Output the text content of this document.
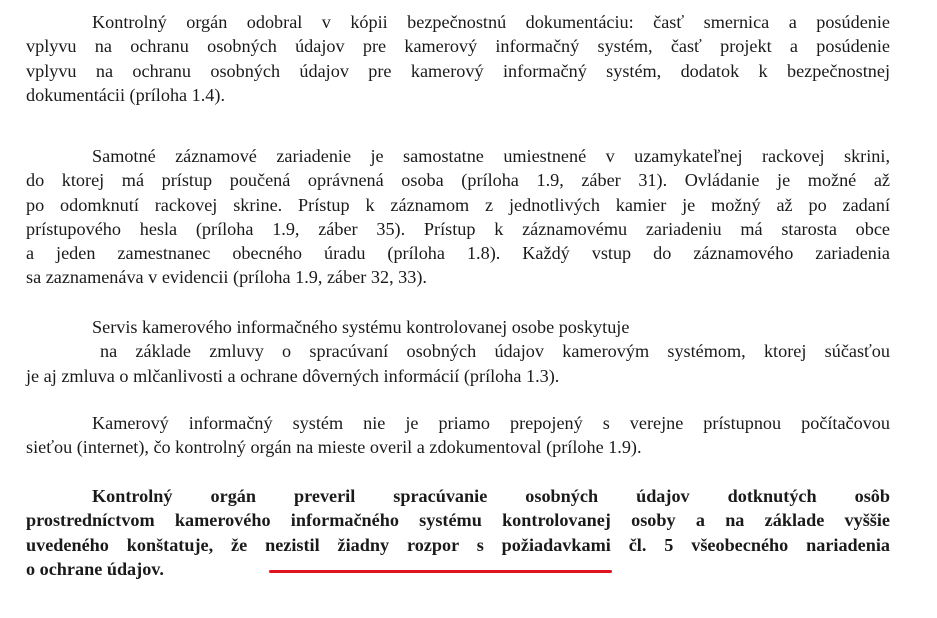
Kontrolný orgán odobral v kópii bezpečnostnú dokumentáciu: časť smernica a posúdenie
vplyvu na ochranu osobných údajov pre kamerový informačný systém, časť projekt a posúdenie
vplyvu na ochranu osobných údajov pre kamerový informačný systém, dodatok k bezpečnostnej
dokumentácii (príloha 1.4).

Samotné záznamové zariadenie je samostatne umiestnené v uzamykateľnej rackovej skrini,
do ktorej má prístup poučená oprávnená osoba (príloha 1.9, záber 31). Ovládanie je možné až
po odomknutí rackovej skrine. Prístup k záznamom z jednotlivých kamier je možný až po zadaní
prístupového hesla (príloha 1.9, záber 35). Prístup k záznamovému zariadeniu má starosta obce
a jeden zamestnanec obecného úradu (príloha 1.8). Každý vstup do záznamového zariadenia
sa zaznamenáva v evidencii (príloha 1.9, záber 32, 33).

Servis kamerového informačného systému kontrolovanej osobe poskytuje
na základe zmluvy o spracúvaní osobných údajov kamerovým systémom, ktorej súčasťou
je aj zmluva o mlčanlivosti a ochrane dôverných informácií (príloha 1.3).

Kamerový informačný systém nie je priamo prepojený s verejne prístupnou počítačovou
sieťou (internet), čo kontrolný orgán na mieste overil a zdokumentoval (prílohe 1.9).

Kontrolný orgán preveril spracúvanie osobných údajov dotknutých osôb
prostredníctvom kamerového informačného systému kontrolovanej osoby a na základe vyššie
uvedeného konštatuje, že nezistil žiadny rozpor s požiadavkami čl. 5 všeobecného nariadenia
o ochrane údajov.
